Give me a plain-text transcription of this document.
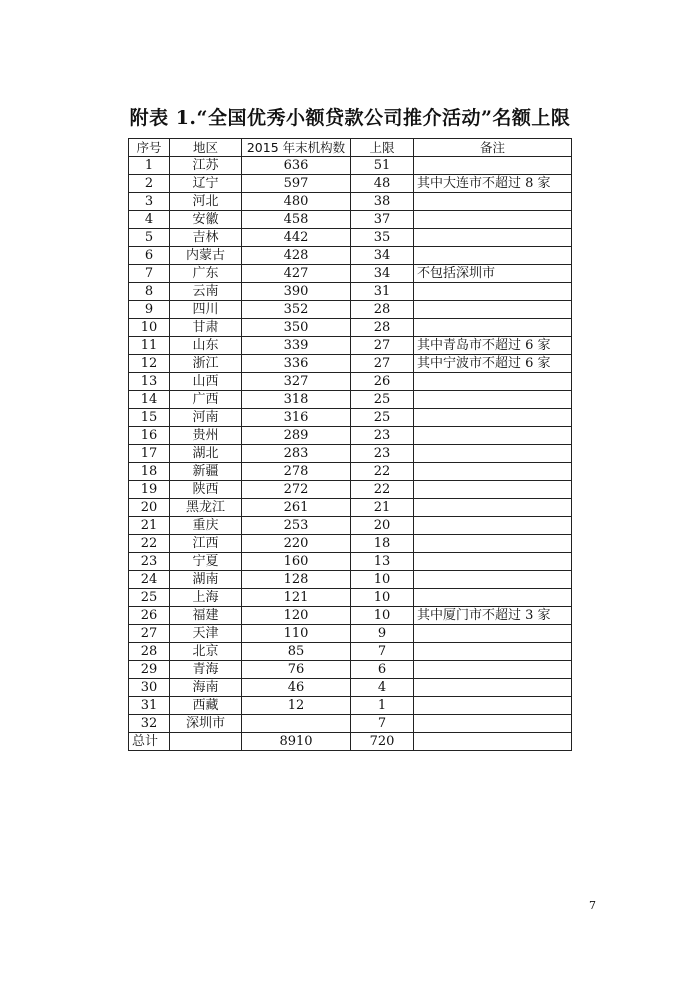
附表 1.“全国优秀小额贷款公司推介活动”名额上限
序号	地区	2015 年末机构数	上限	备注
1	江苏	636	51	
2	辽宁	597	48	其中大连市不超过 8 家
3	河北	480	38	
4	安徽	458	37	
5	吉林	442	35	
6	内蒙古	428	34	
7	广东	427	34	不包括深圳市
8	云南	390	31	
9	四川	352	28	
10	甘肃	350	28	
11	山东	339	27	其中青岛市不超过 6 家
12	浙江	336	27	其中宁波市不超过 6 家
13	山西	327	26	
14	广西	318	25	
15	河南	316	25	
16	贵州	289	23	
17	湖北	283	23	
18	新疆	278	22	
19	陕西	272	22	
20	黑龙江	261	21	
21	重庆	253	20	
22	江西	220	18	
23	宁夏	160	13	
24	湖南	128	10	
25	上海	121	10	
26	福建	120	10	其中厦门市不超过 3 家
27	天津	110	9	
28	北京	85	7	
29	青海	76	6	
30	海南	46	4	
31	西藏	12	1	
32	深圳市		7	
总计		8910	720	
7
